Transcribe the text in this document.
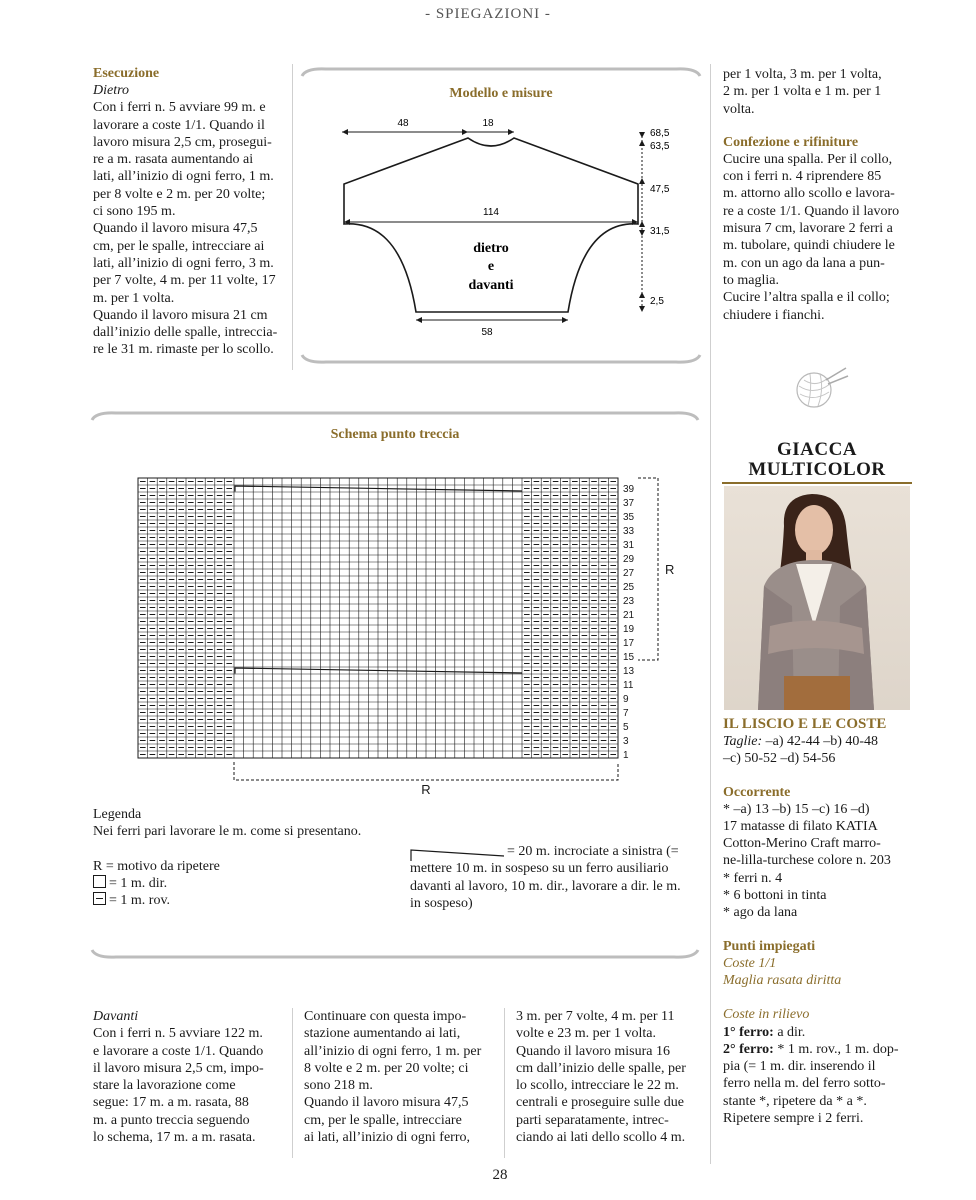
- SPIEGAZIONI -
Esecuzione
Dietro
Con i ferri n. 5 avviare 99 m. e
lavorare a coste 1/1. Quando il
lavoro misura 2,5 cm, prosegui-
re a m. rasata aumentando ai
lati, all’inizio di ogni ferro, 1 m.
per 8 volte e 2 m. per 20 volte;
ci sono 195 m.
Quando il lavoro misura 47,5
cm, per le spalle, intrecciare ai
lati, all’inizio di ogni ferro, 3 m.
per 7 volte, 4 m. per 11 volte, 17
m. per 1 volta.
Quando il lavoro misura 21 cm
dall’inizio delle spalle, intreccia-
re le 31 m. rimaste per lo scollo.
Modello e misure
48	18
114
58
68,5
63,5
47,5
31,5
2,5
dietro
e
davanti
per 1 volta, 3 m. per 1 volta,
2 m. per 1 volta e 1 m. per 1
volta.
Confezione e rifiniture
Cucire una spalla. Per il collo,
con i ferri n. 4 riprendere 85
m. attorno allo scollo e lavora-
re a coste 1/1. Quando il lavoro
misura 7 cm, lavorare 2 ferri a
m. tubolare, quindi chiudere le
m. con un ago da lana a pun-
to maglia.
Cucire l’altra spalla e il collo;
chiudere i fianchi.
Schema punto treccia
39
37
35
33
31
29
27
25
23
21
19
17
15
13
11
9
7
5
3
1
R
R
Legenda
Nei ferri pari lavorare le m. come si presentano.
R = motivo da ripetere
= 1 m. dir.
= 1 m. rov.
= 20 m. incrociate a sinistra (=
mettere 10 m. in sospeso su un ferro ausiliario
davanti al lavoro, 10 m. dir., lavorare a dir. le m.
in sospeso)
Davanti
Con i ferri n. 5 avviare 122 m.
e lavorare a coste 1/1. Quando
il lavoro misura 2,5 cm, impo-
stare la lavorazione come
segue: 17 m. a m. rasata, 88
m. a punto treccia seguendo
lo schema, 17 m. a m. rasata.
Continuare con questa impo-
stazione aumentando ai lati,
all’inizio di ogni ferro, 1 m. per
8 volte e 2 m. per 20 volte; ci
sono 218 m.
Quando il lavoro misura 47,5
cm, per le spalle, intrecciare
ai lati, all’inizio di ogni ferro,
3 m. per 7 volte, 4 m. per 11
volte e 23 m. per 1 volta.
Quando il lavoro misura 16
cm dall’inizio delle spalle, per
lo scollo, intrecciare le 22 m.
centrali e proseguire sulle due
parti separatamente, intrec-
ciando ai lati dello scollo 4 m.
28
GIACCA
MULTICOLOR
IL LISCIO E LE COSTE
Taglie: –a) 42-44 –b) 40-48
–c) 50-52 –d) 54-56
Occorrente
* –a) 13 –b) 15 –c) 16 –d)
17 matasse di filato KATIA
Cotton-Merino Craft marro-
ne-lilla-turchese colore n. 203
* ferri n. 4
* 6 bottoni in tinta
* ago da lana
Punti impiegati
Coste 1/1
Maglia rasata diritta
Coste in rilievo
1° ferro: a dir.
2° ferro: * 1 m. rov., 1 m. dop-
pia (= 1 m. dir. inserendo il
ferro nella m. del ferro sotto-
stante *, ripetere da * a *.
Ripetere sempre i 2 ferri.
